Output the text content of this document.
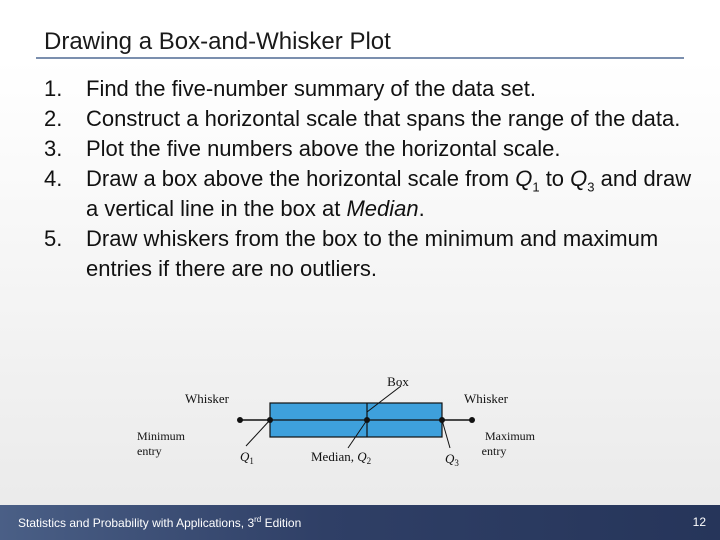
Drawing a Box-and-Whisker Plot
1.	Find the five-number summary of the data set.
2.	Construct a horizontal scale that spans the range of the data.
3.	Plot the five numbers above the horizontal scale.
4.	Draw a box above the horizontal scale from $Q_1$ to $Q_3$ and draw a vertical line in the box at Median.
5.	Draw whiskers from the box to the minimum and maximum entries if there are no outliers.
Box
Whisker	Whisker
Minimum
entry	$Q_1$	Median, $Q_2$	$Q_3$
Maximum
entry
Statistics and Probability with Applications, 3rd Edition	12
